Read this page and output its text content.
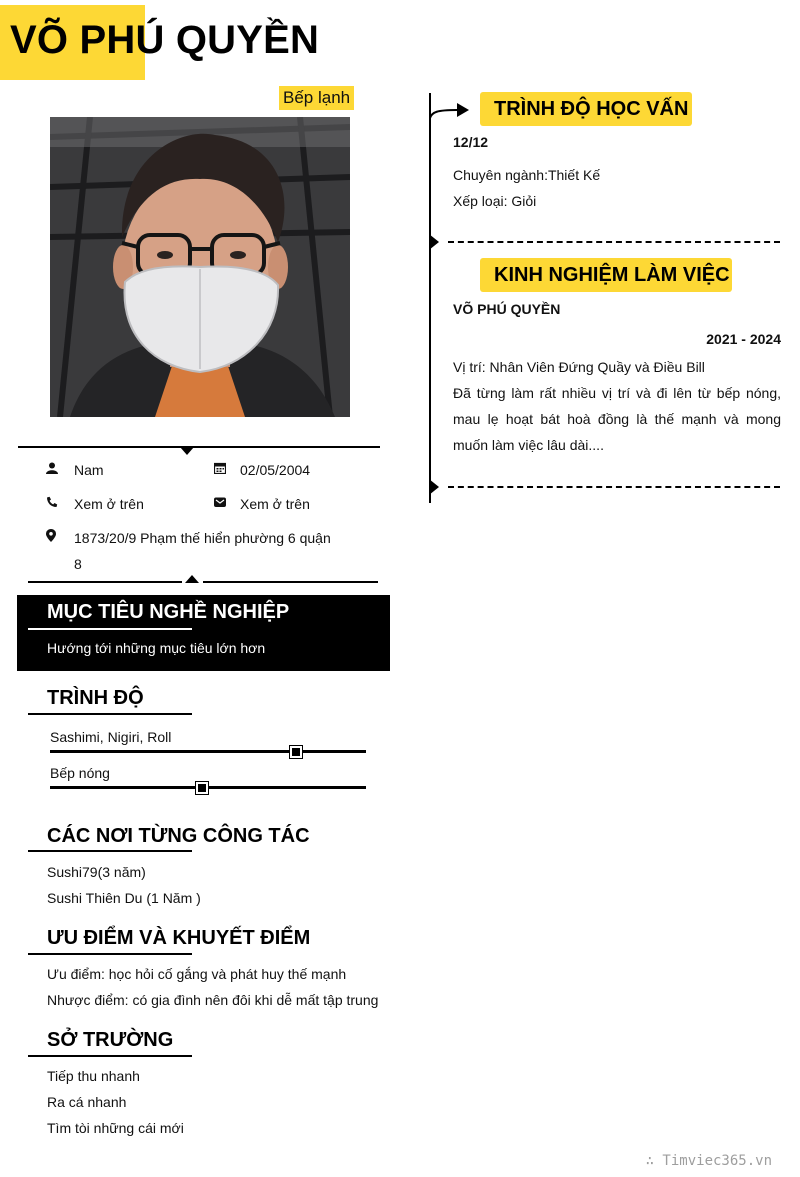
VÕ PHÚ QUYỀN
Bếp lạnh
Nam	02/05/2004
Xem ở trên	Xem ở trên
1873/20/9 Phạm thế hiển phường 6 quận
8
MỤC TIÊU NGHỀ NGHIỆP
Hướng tới những mục tiêu lớn hơn
TRÌNH ĐỘ
Sashimi, Nigiri, Roll
Bếp nóng
CÁC NƠI TỪNG CÔNG TÁC
Sushi79(3 năm)
Sushi Thiên Du (1 Năm )
ƯU ĐIỂM VÀ KHUYẾT ĐIỂM
Ưu điểm: học hỏi cố gắng và phát huy thế mạnh
Nhược điểm: có gia đình nên đôi khi dễ mất tập trung
SỞ TRƯỜNG
Tiếp thu nhanh
Ra cá nhanh
Tìm tòi những cái mới
TRÌNH ĐỘ HỌC VẤN
12/12
Chuyên ngành:Thiết Kế
Xếp loại: Giỏi
KINH NGHIỆM LÀM VIỆC
VÕ PHÚ QUYỀN
2021 - 2024
Vị trí: Nhân Viên Đứng Quầy và Điều Bill
Đã từng làm rất nhiều vị trí và đi lên từ bếp nóng, mau lẹ hoạt bát hoà đồng là thế mạnh và mong muốn làm việc lâu dài....
∴ Timviec365.vn
